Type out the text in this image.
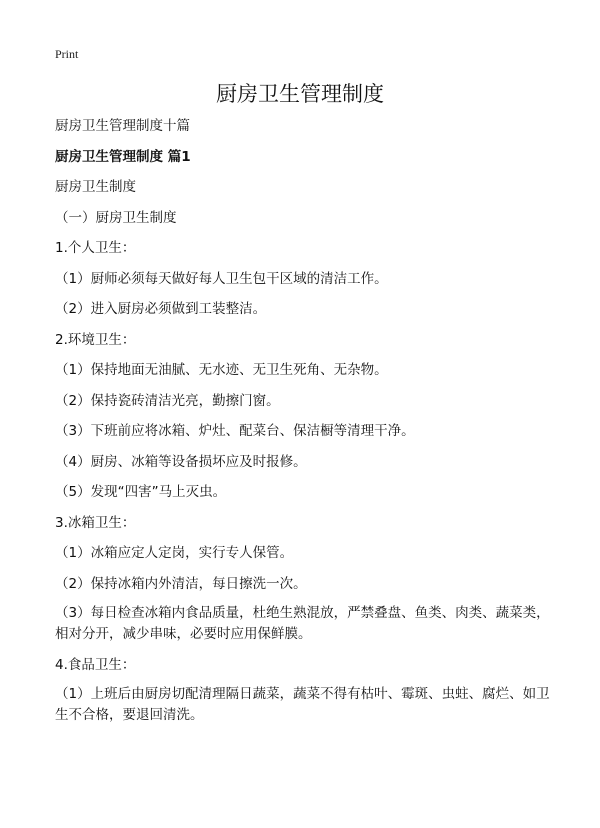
Print
厨房卫生管理制度

厨房卫生管理制度十篇

厨房卫生管理制度 篇1

厨房卫生制度

（一）厨房卫生制度

1.个人卫生：

（1）厨师必须每天做好每人卫生包干区域的清洁工作。

（2）进入厨房必须做到工装整洁。

2.环境卫生：

（1）保持地面无油腻、无水迹、无卫生死角、无杂物。

（2）保持瓷砖清洁光亮，勤擦门窗。

（3）下班前应将冰箱、炉灶、配菜台、保洁橱等清理干净。

（4）厨房、冰箱等设备损坏应及时报修。

（5）发现“四害”马上灭虫。

3.冰箱卫生：

（1）冰箱应定人定岗，实行专人保管。

（2）保持冰箱内外清洁，每日擦洗一次。

（3）每日检查冰箱内食品质量，杜绝生熟混放，严禁叠盘、鱼类、肉类、蔬菜类，相对分开，减少串味，必要时应用保鲜膜。

4.食品卫生：

（1）上班后由厨房切配清理隔日蔬菜，蔬菜不得有枯叶、霉斑、虫蛀、腐烂、如卫生不合格，要退回清洗。
